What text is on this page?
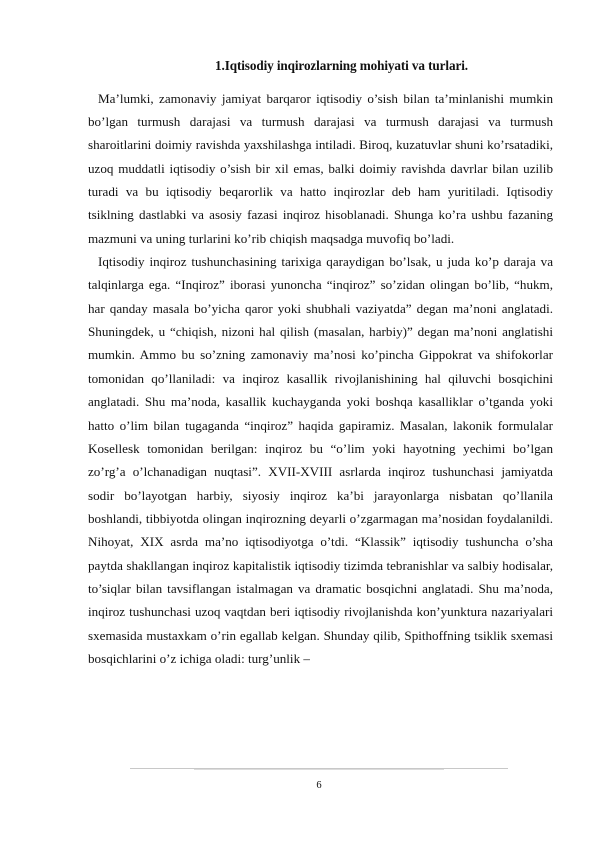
1.Iqtisodiy inqirozlarning mohiyati va turlari.

Ma’lumki, zamonaviy jamiyat barqaror iqtisodiy o’sish bilan ta’minlanishi mumkin bo’lgan turmush darajasi va turmush darajasi va turmush darajasi va turmush sharoitlarini doimiy ravishda yaxshilashga intiladi. Biroq, kuzatuvlar shuni ko’rsatadiki, uzoq muddatli iqtisodiy o’sish bir xil emas, balki doimiy ravishda davrlar bilan uzilib turadi va bu iqtisodiy beqarorlik va hatto inqirozlar deb ham yuritiladi. Iqtisodiy tsiklning dastlabki va asosiy fazasi inqiroz hisoblanadi. Shunga ko’ra ushbu fazaning mazmuni va uning turlarini ko’rib chiqish maqsadga muvofiq bo’ladi.

Iqtisodiy inqiroz tushunchasining tarixiga qaraydigan bo’lsak, u juda ko’p daraja va talqinlarga ega. “Inqiroz” iborasi yunoncha “inqiroz” so’zidan olingan bo’lib, “hukm, har qanday masala bo’yicha qaror yoki shubhali vaziyatda” degan ma’noni anglatadi. Shuningdek, u “chiqish, nizoni hal qilish (masalan, harbiy)” degan ma’noni anglatishi mumkin. Ammo bu so’zning zamonaviy ma’nosi ko’pincha Gippokrat va shifokorlar tomonidan qo’llaniladi: va inqiroz kasallik rivojlanishining hal qiluvchi bosqichini anglatadi. Shu ma’noda, kasallik kuchayganda yoki boshqa kasalliklar o’tganda yoki hatto o’lim bilan tugaganda “inqiroz” haqida gapiramiz. Masalan, lakonik formulalar Kosellesk tomonidan berilgan: inqiroz bu “o’lim yoki hayotning yechimi bo’lgan zo’rg’a o’lchanadigan nuqtasi”. XVII-XVIII asrlarda inqiroz tushunchasi jamiyatda sodir bo’layotgan harbiy, siyosiy inqiroz ka’bi jarayonlarga nisbatan qo’llanila boshlandi, tibbiyotda olingan inqirozning deyarli o’zgarmagan ma’nosidan foydalanildi. Nihoyat, XIX asrda ma’no iqtisodiyotga o’tdi. “Klassik” iqtisodiy tushuncha o’sha paytda shakllangan inqiroz kapitalistik iqtisodiy tizimda tebranishlar va salbiy hodisalar, to’siqlar bilan tavsiflangan istalmagan va dramatic bosqichni anglatadi. Shu ma’noda, inqiroz tushunchasi uzoq vaqtdan beri iqtisodiy rivojlanishda kon’yunktura nazariyalari sxemasida mustaxkam o’rin egallab kelgan. Shunday qilib, Spithoffning tsiklik sxemasi bosqichlarini o’z ichiga oladi: turg’unlik –

6
